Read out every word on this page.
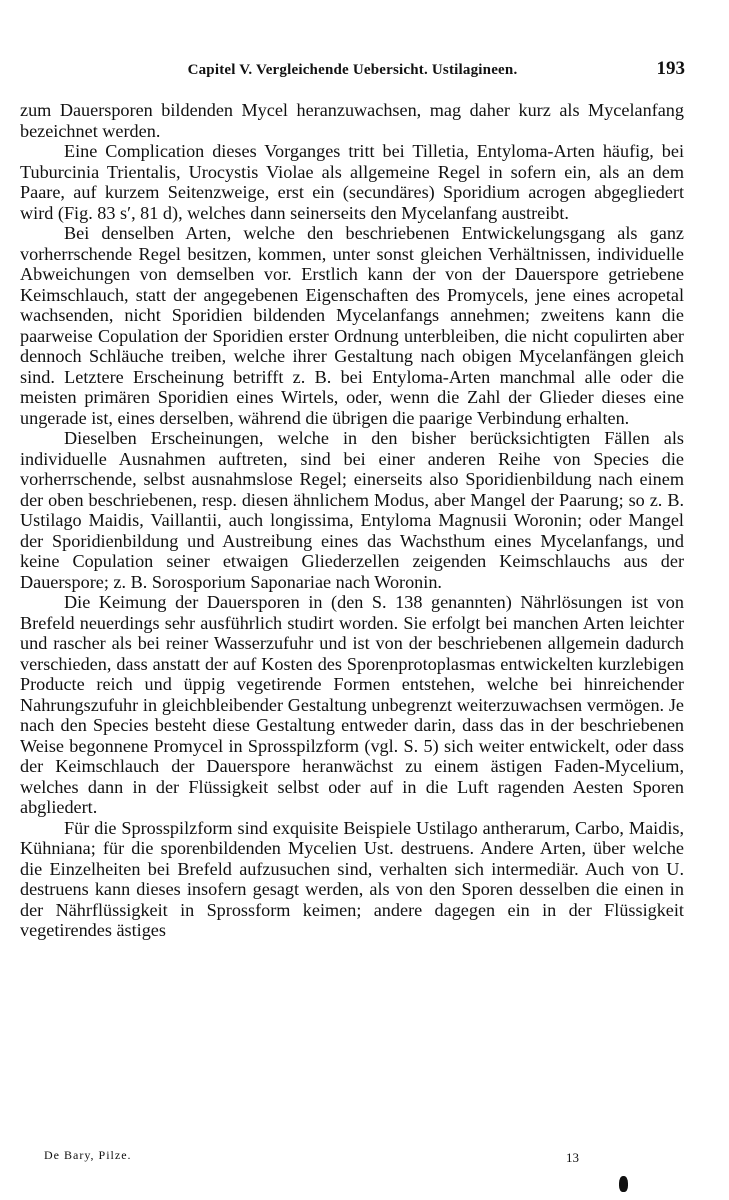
Capitel V. Vergleichende Uebersicht. Ustilagineen.	193

zum Dauersporen bildenden Mycel heranzuwachsen, mag daher kurz als Mycelanfang bezeichnet werden.

Eine Complication dieses Vorganges tritt bei Tilletia, Entyloma-Arten häufig, bei Tuburcinia Trientalis, Urocystis Violae als allgemeine Regel in sofern ein, als an dem Paare, auf kurzem Seitenzweige, erst ein (secundäres) Sporidium acrogen abgegliedert wird (Fig. 83 s′, 81 d), welches dann seinerseits den Mycelanfang austreibt.

Bei denselben Arten, welche den beschriebenen Entwickelungsgang als ganz vorherrschende Regel besitzen, kommen, unter sonst gleichen Verhältnissen, individuelle Abweichungen von demselben vor. Erstlich kann der von der Dauerspore getriebene Keimschlauch, statt der angegebenen Eigenschaften des Promycels, jene eines acropetal wachsenden, nicht Sporidien bildenden Mycelanfangs annehmen; zweitens kann die paarweise Copulation der Sporidien erster Ordnung unterbleiben, die nicht copulirten aber dennoch Schläuche treiben, welche ihrer Gestaltung nach obigen Mycelanfängen gleich sind. Letztere Erscheinung betrifft z. B. bei Entyloma-Arten manchmal alle oder die meisten primären Sporidien eines Wirtels, oder, wenn die Zahl der Glieder dieses eine ungerade ist, eines derselben, während die übrigen die paarige Verbindung erhalten.

Dieselben Erscheinungen, welche in den bisher berücksichtigten Fällen als individuelle Ausnahmen auftreten, sind bei einer anderen Reihe von Species die vorherrschende, selbst ausnahmslose Regel; einerseits also Sporidienbildung nach einem der oben beschriebenen, resp. diesen ähnlichem Modus, aber Mangel der Paarung; so z. B. Ustilago Maidis, Vaillantii, auch longissima, Entyloma Magnusii Woronin; oder Mangel der Sporidienbildung und Austreibung eines das Wachsthum eines Mycelanfangs, und keine Copulation seiner etwaigen Gliederzellen zeigenden Keimschlauchs aus der Dauerspore; z. B. Sorosporium Saponariae nach Woronin.

Die Keimung der Dauersporen in (den S. 138 genannten) Nährlösungen ist von Brefeld neuerdings sehr ausführlich studirt worden. Sie erfolgt bei manchen Arten leichter und rascher als bei reiner Wasserzufuhr und ist von der beschriebenen allgemein dadurch verschieden, dass anstatt der auf Kosten des Sporenprotoplasmas entwickelten kurzlebigen Producte reich und üppig vegetirende Formen entstehen, welche bei hinreichender Nahrungszufuhr in gleichbleibender Gestaltung unbegrenzt weiterzuwachsen vermögen. Je nach den Species besteht diese Gestaltung entweder darin, dass das in der beschriebenen Weise begonnene Promycel in Sprosspilzform (vgl. S. 5) sich weiter entwickelt, oder dass der Keimschlauch der Dauerspore heranwächst zu einem ästigen Faden-Mycelium, welches dann in der Flüssigkeit selbst oder auf in die Luft ragenden Aesten Sporen abgliedert.

Für die Sprosspilzform sind exquisite Beispiele Ustilago antherarum, Carbo, Maidis, Kühniana; für die sporenbildenden Mycelien Ust. destruens. Andere Arten, über welche die Einzelheiten bei Brefeld aufzusuchen sind, verhalten sich intermediär. Auch von U. destruens kann dieses insofern gesagt werden, als von den Sporen desselben die einen in der Nährflüssigkeit in Sprossform keimen; andere dagegen ein in der Flüssigkeit vegetirendes ästiges

De Bary, Pilze.	13
